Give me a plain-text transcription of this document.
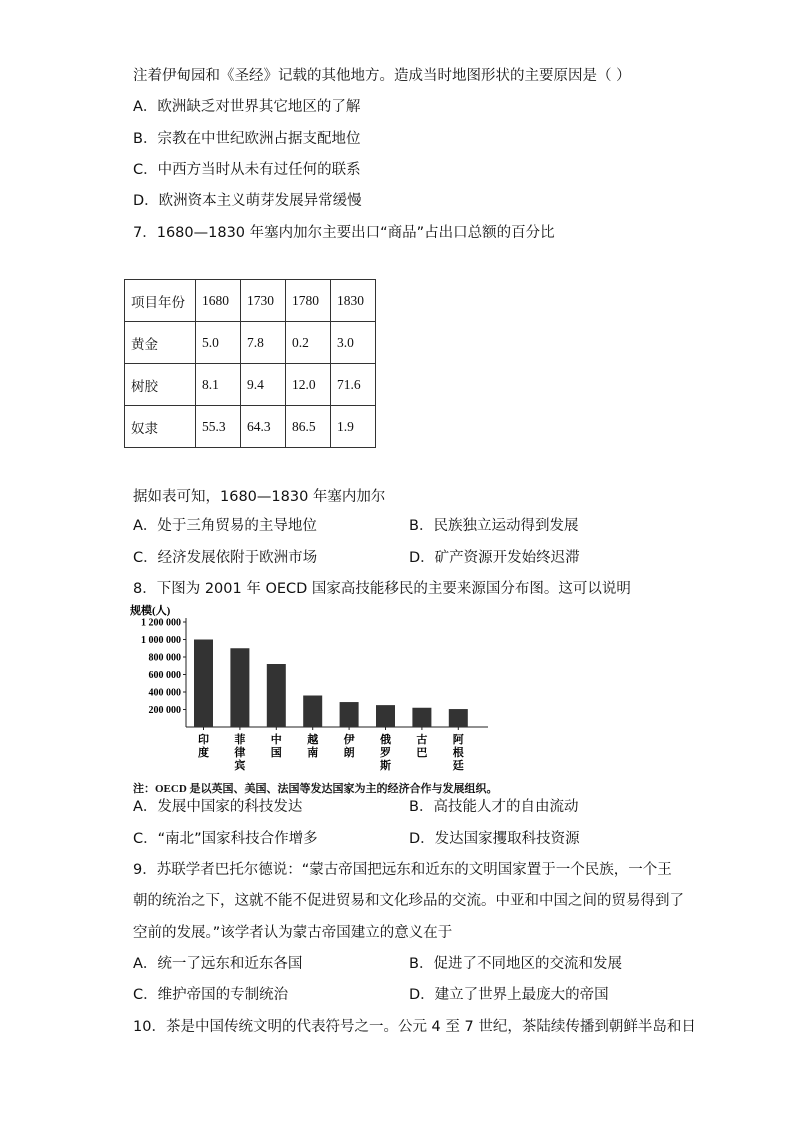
注着伊甸园和《圣经》记载的其他地方。造成当时地图形状的主要原因是（ ）
A．欧洲缺乏对世界其它地区的了解
B．宗教在中世纪欧洲占据支配地位
C．中西方当时从未有过任何的联系
D．欧洲资本主义萌芽发展异常缓慢
7．1680—1830 年塞内加尔主要出口“商品”占出口总额的百分比
项目年份	1680	1730	1780	1830
黄金	5.0	7.8	0.2	3.0
树胶	8.1	9.4	12.0	71.6
奴隶	55.3	64.3	86.5	1.9
据如表可知，1680—1830 年塞内加尔
A．处于三角贸易的主导地位	B．民族独立运动得到发展
C．经济发展依附于欧洲市场	D．矿产资源开发始终迟滞
8．下图为 2001 年 OECD 国家高技能移民的主要来源国分布图。这可以说明
规模(人)
1 200 000
1 000 000
800 000
600 000
400 000
200 000
印度
菲律宾
中国
越南
伊朗
俄罗斯
古巴
阿根廷
注：OECD 是以英国、美国、法国等发达国家为主的经济合作与发展组织。
A．发展中国家的科技发达	B．高技能人才的自由流动
C．“南北”国家科技合作增多	D．发达国家攫取科技资源
9．苏联学者巴托尔德说：“蒙古帝国把远东和近东的文明国家置于一个民族，一个王
朝的统治之下，这就不能不促进贸易和文化珍品的交流。中亚和中国之间的贸易得到了
空前的发展。”该学者认为蒙古帝国建立的意义在于
A．统一了远东和近东各国	B．促进了不同地区的交流和发展
C．维护帝国的专制统治	D．建立了世界上最庞大的帝国
10．茶是中国传统文明的代表符号之一。公元 4 至 7 世纪，茶陆续传播到朝鲜半岛和日
